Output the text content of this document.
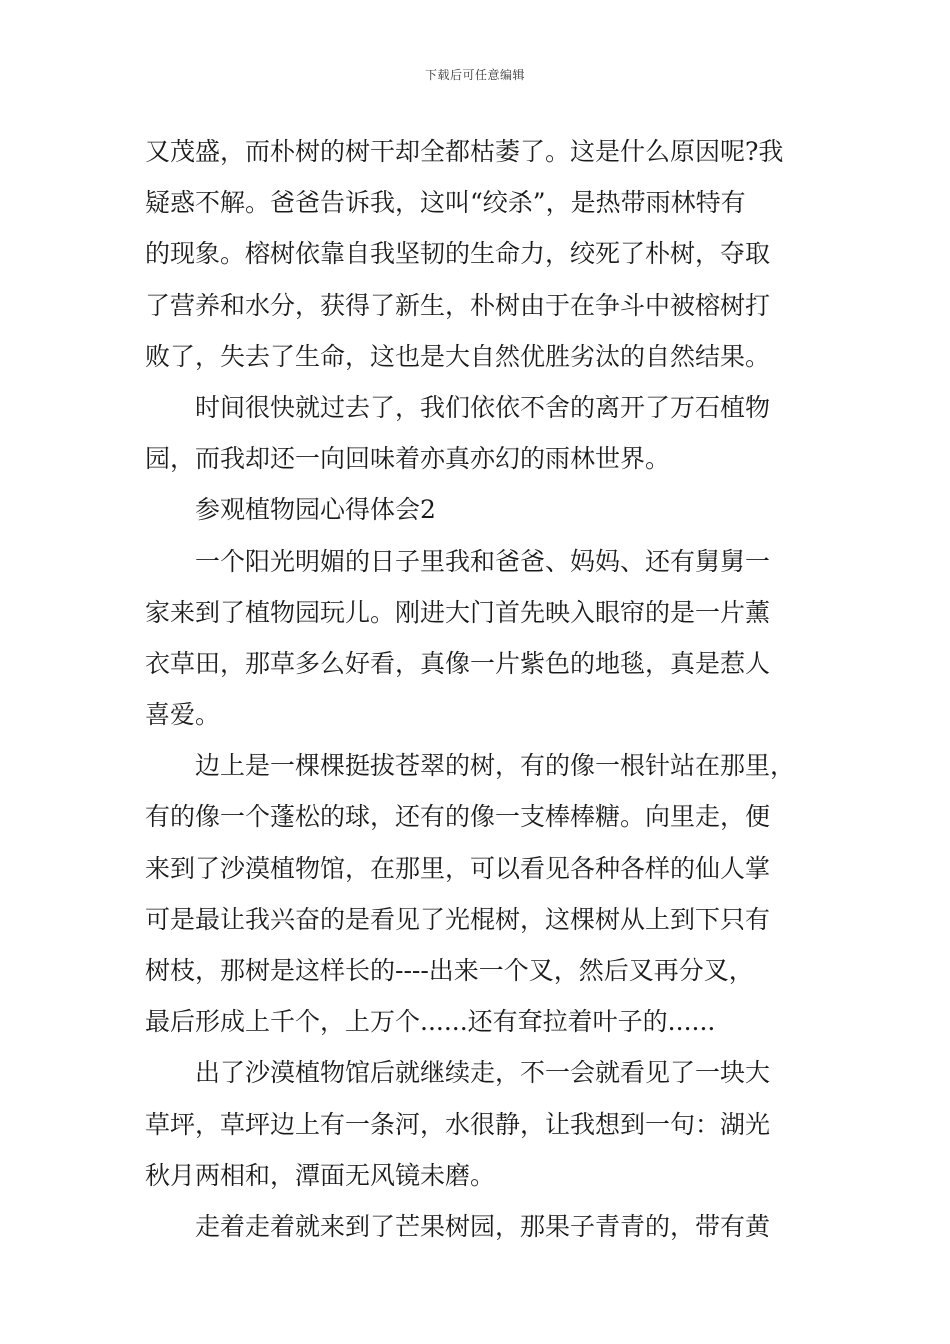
下载后可任意编辑
又茂盛，而朴树的树干却全都枯萎了。这是什么原因呢?我
疑惑不解。爸爸告诉我，这叫“绞杀”，是热带雨林特有
的现象。榕树依靠自我坚韧的生命力，绞死了朴树，夺取
了营养和水分，获得了新生，朴树由于在争斗中被榕树打
败了，失去了生命，这也是大自然优胜劣汰的自然结果。
时间很快就过去了，我们依依不舍的离开了万石植物
园，而我却还一向回味着亦真亦幻的雨林世界。
参观植物园心得体会2
一个阳光明媚的日子里我和爸爸、妈妈、还有舅舅一
家来到了植物园玩儿。刚进大门首先映入眼帘的是一片薰
衣草田，那草多么好看，真像一片紫色的地毯，真是惹人
喜爱。
边上是一棵棵挺拔苍翠的树，有的像一根针站在那里，
有的像一个蓬松的球，还有的像一支棒棒糖。向里走，便
来到了沙漠植物馆，在那里，可以看见各种各样的仙人掌
可是最让我兴奋的是看见了光棍树，这棵树从上到下只有
树枝，那树是这样长的----出来一个叉，然后叉再分叉，
最后形成上千个，上万个......还有耷拉着叶子的......
出了沙漠植物馆后就继续走，不一会就看见了一块大
草坪，草坪边上有一条河，水很静，让我想到一句：湖光
秋月两相和，潭面无风镜未磨。
走着走着就来到了芒果树园，那果子青青的，带有黄
